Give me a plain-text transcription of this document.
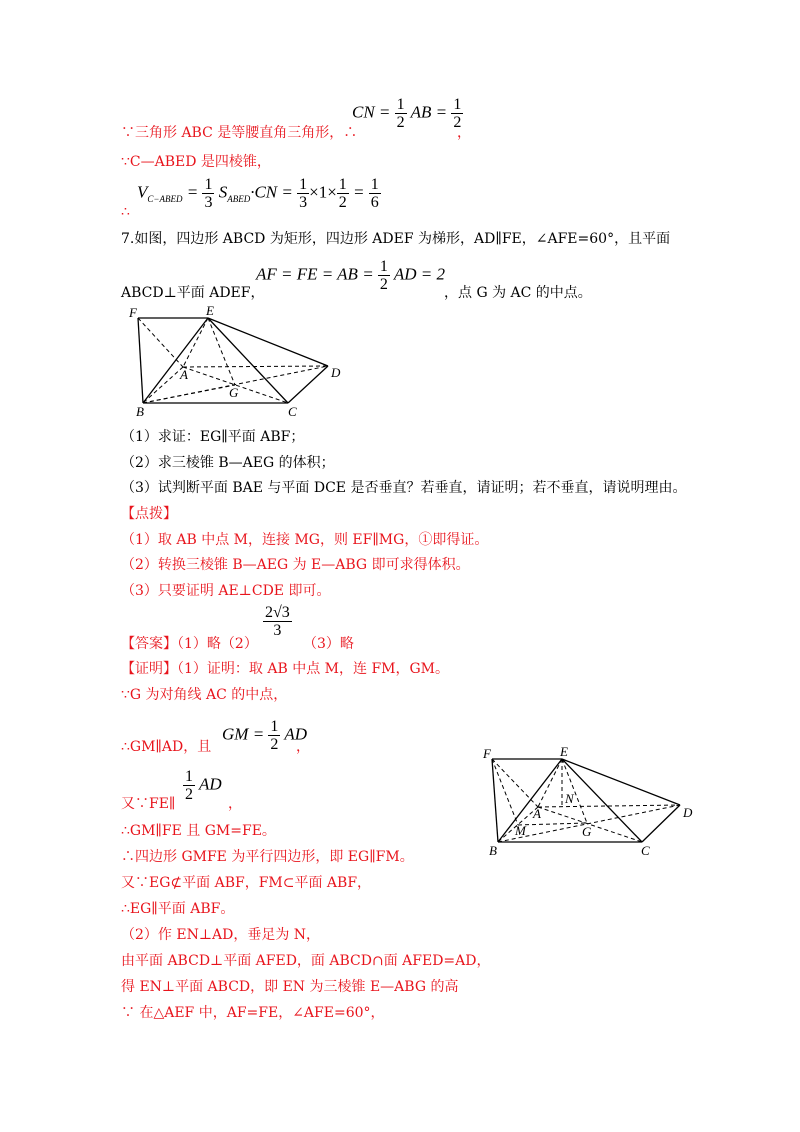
CN = $\frac{1}{2}$ AB = $\frac{1}{2}$
∵三角形 ABC 是等腰直角三角形，∴	，
∵C—ABED 是四棱锥，
$V_{C-ABED} = \frac{1}{3} S_{ABED}\cdot CN = \frac{1}{3} \times 1\times \frac{1}{2} = \frac{1}{6}$
∴
7.如图，四边形 ABCD 为矩形，四边形 ADEF 为梯形，AD∥FE，∠AFE=60°，且平面
AF = FE = AB = $\frac{1}{2}$ AD = 2
ABCD⊥平面 ADEF，	，点 G 为 AC 的中点。
F	E
A
G
D
B	C
（1）求证：EG∥平面 ABF；
（2）求三棱锥 B—AEG 的体积；
（3）试判断平面 BAE 与平面 DCE 是否垂直？若垂直，请证明；若不垂直，请说明理由。
【点拨】
（1）取 AB 中点 M，连接 MG，则 EF∥MG，①即得证。
（2）转换三棱锥 B—AEG 为 E—ABG 即可求得体积。
（3）只要证明 AE⊥CDE 即可。
$\frac{2√3}{3}$
【答案】（1）略（2）	（3）略
【证明】（1）证明：取 AB 中点 M，连 FM，GM。
∵G 为对角线 AC 的中点，
GM = $\frac{1}{2}$ AD
∴GM∥AD，且	，
$\frac{1}{2}$ AD
又∵FE∥	，
∴GM∥FE 且 GM=FE。
∴四边形 GMFE 为平行四边形，即 EG∥FM。
又∵EG⊄平面 ABF，FM⊂平面 ABF，
∴EG∥平面 ABF。
（2）作 EN⊥AD，垂足为 N，
由平面 ABCD⊥平面 AFED，面 ABCD∩面 AFED=AD，
得 EN⊥平面 ABCD，即 EN 为三棱锥 E—ABG 的高
∵ 在△AEF 中，AF=FE，∠AFE=60°，
F	E
N
A	D
M	G
B	C
